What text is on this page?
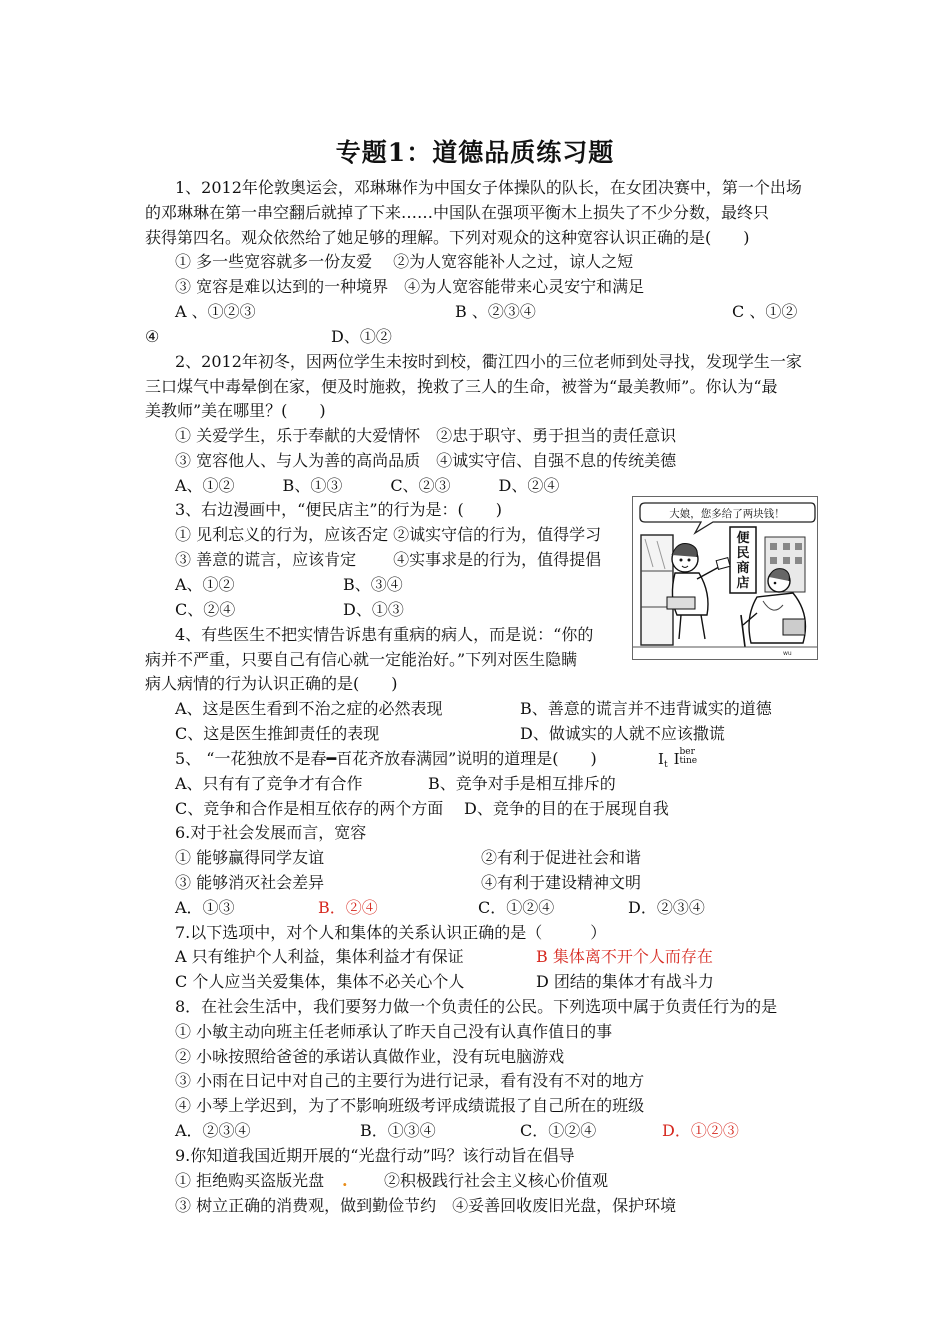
专题1：道德品质练习题
1、2012年伦敦奥运会，邓琳琳作为中国女子体操队的队长，在女团决赛中，第一个出场
的邓琳琳在第一串空翻后就掉了下来……中国队在强项平衡木上损失了不少分数，最终只
获得第四名。观众依然给了她足够的理解。下列对观众的这种宽容认识正确的是(　　)
① 多一些宽容就多一份友爱　 ②为人宽容能补人之过，谅人之短
③ 宽容是难以达到的一种境界　④为人宽容能带来心灵安宁和满足
A 、①②③	B 、②③④	C 、①②
④	D、①②
2、2012年初冬，因两位学生未按时到校，衢江四小的三位老师到处寻找，发现学生一家
三口煤气中毒晕倒在家，便及时施救，挽救了三人的生命，被誉为“最美教师”。你认为“最
美教师”美在哪里？(　　)
① 关爱学生，乐于奉献的大爱情怀　②忠于职守、勇于担当的责任意识
③ 宽容他人、与人为善的高尚品质　④诚实守信、自强不息的传统美德
A、①②　　　B、①③　　　C、②③　　　D、②④
3、右边漫画中，“便民店主”的行为是：(　　)
① 见利忘义的行为，应该否定 ②诚实守信的行为，值得学习
③ 善意的谎言，应该肯定　　 ④实事求是的行为，值得提倡
A、①②	B、③④
C、②④	D、①③
大娘，您多给了两块钱！
便
民
商
店
wu
4、有些医生不把实情告诉患有重病的病人，而是说：“你的
病并不严重，只要自己有信心就一定能治好。”下列对医生隐瞒
病人病情的行为认识正确的是(　　)
A、这是医生看到不治之症的必然表现	B、善意的谎言并不违背诚实的道德
C、这是医生推卸责任的表现	D、做诚实的人就不应该撒谎
5、 “一花独放不是春━百花齐放春满园”说明的道理是(　　)	It I ber
tine
A、只有有了竞争才有合作	B、竞争对手是相互排斥的
C、竞争和合作是相互依存的两个方面 D、竞争的目的在于展现自我
6.对于社会发展而言，宽容
① 能够赢得同学友谊	②有利于促进社会和谐
③ 能够消灭社会差异	④有利于建设精神文明
A．①③	B．②④	C．①②④	D．②③④
7.以下选项中，对个人和集体的关系认识正确的是（　　　）
A 只有维护个人利益，集体利益才有保证	B 集体离不开个人而存在
C 个人应当关爱集体，集体不必关心个人	D 团结的集体才有战斗力
8．在社会生活中，我们要努力做一个负责任的公民。下列选项中属于负责任行为的是
① 小敏主动向班主任老师承认了昨天自己没有认真作值日的事
② 小咏按照给爸爸的承诺认真做作业，没有玩电脑游戏
③ 小雨在日记中对自己的主要行为进行记录，看有没有不对的地方
④ 小琴上学迟到，为了不影响班级考评成绩谎报了自己所在的班级
A．②③④	B．①③④	C．①②④	D．①②③
9.你知道我国近期开展的“光盘行动”吗？该行动旨在倡导
① 拒绝购买盗版光盘 . ②积极践行社会主义核心价值观
③ 树立正确的消费观，做到勤俭节约　④妥善回收废旧光盘，保护环境
